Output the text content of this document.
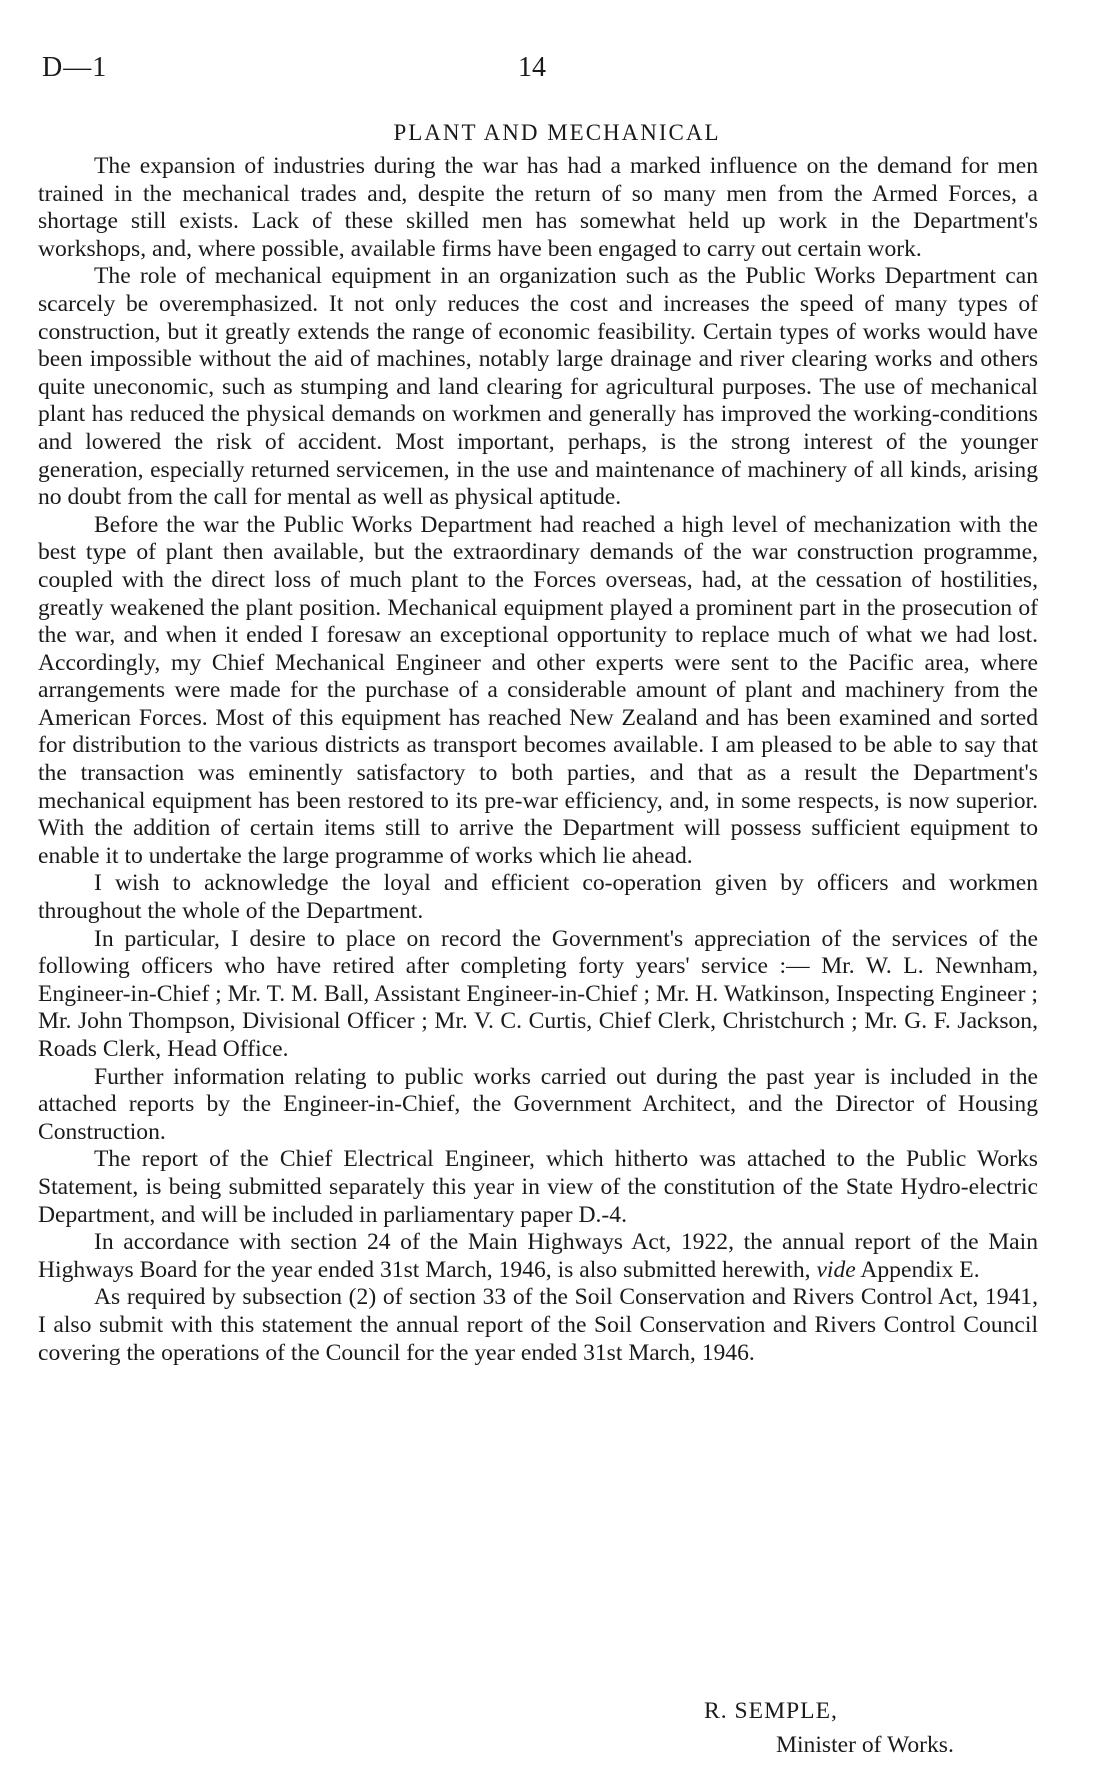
D—1	14
PLANT AND MECHANICAL

The expansion of industries during the war has had a marked influence on the demand for men trained in the mechanical trades and, despite the return of so many men from the Armed Forces, a shortage still exists. Lack of these skilled men has somewhat held up work in the Department's workshops, and, where possible, available firms have been engaged to carry out certain work.

The role of mechanical equipment in an organization such as the Public Works Department can scarcely be overemphasized. It not only reduces the cost and increases the speed of many types of construction, but it greatly extends the range of economic feasibility. Certain types of works would have been impossible without the aid of machines, notably large drainage and river clearing works and others quite uneconomic, such as stumping and land clearing for agricultural purposes. The use of mechanical plant has reduced the physical demands on workmen and generally has improved the working-conditions and lowered the risk of accident. Most important, perhaps, is the strong interest of the younger generation, especially returned servicemen, in the use and maintenance of machinery of all kinds, arising no doubt from the call for mental as well as physical aptitude.

Before the war the Public Works Department had reached a high level of mechanization with the best type of plant then available, but the extraordinary demands of the war construction programme, coupled with the direct loss of much plant to the Forces overseas, had, at the cessation of hostilities, greatly weakened the plant position. Mechanical equipment played a prominent part in the prosecution of the war, and when it ended I foresaw an exceptional opportunity to replace much of what we had lost. Accordingly, my Chief Mechanical Engineer and other experts were sent to the Pacific area, where arrangements were made for the purchase of a considerable amount of plant and machinery from the American Forces. Most of this equipment has reached New Zealand and has been examined and sorted for distribution to the various districts as transport becomes available. I am pleased to be able to say that the transaction was eminently satisfactory to both parties, and that as a result the Department's mechanical equipment has been restored to its pre-war efficiency, and, in some respects, is now superior. With the addition of certain items still to arrive the Department will possess sufficient equipment to enable it to undertake the large programme of works which lie ahead.

I wish to acknowledge the loyal and efficient co-operation given by officers and workmen throughout the whole of the Department.

In particular, I desire to place on record the Government's appreciation of the services of the following officers who have retired after completing forty years' service :— Mr. W. L. Newnham, Engineer-in-Chief ; Mr. T. M. Ball, Assistant Engineer-in-Chief ; Mr. H. Watkinson, Inspecting Engineer ; Mr. John Thompson, Divisional Officer ; Mr. V. C. Curtis, Chief Clerk, Christchurch ; Mr. G. F. Jackson, Roads Clerk, Head Office.

Further information relating to public works carried out during the past year is included in the attached reports by the Engineer-in-Chief, the Government Architect, and the Director of Housing Construction.

The report of the Chief Electrical Engineer, which hitherto was attached to the Public Works Statement, is being submitted separately this year in view of the constitution of the State Hydro-electric Department, and will be included in parliamentary paper D.-4.

In accordance with section 24 of the Main Highways Act, 1922, the annual report of the Main Highways Board for the year ended 31st March, 1946, is also submitted herewith, vide Appendix E.

As required by subsection (2) of section 33 of the Soil Conservation and Rivers Control Act, 1941, I also submit with this statement the annual report of the Soil Conservation and Rivers Control Council covering the operations of the Council for the year ended 31st March, 1946.

R. SEMPLE,
Minister of Works.
